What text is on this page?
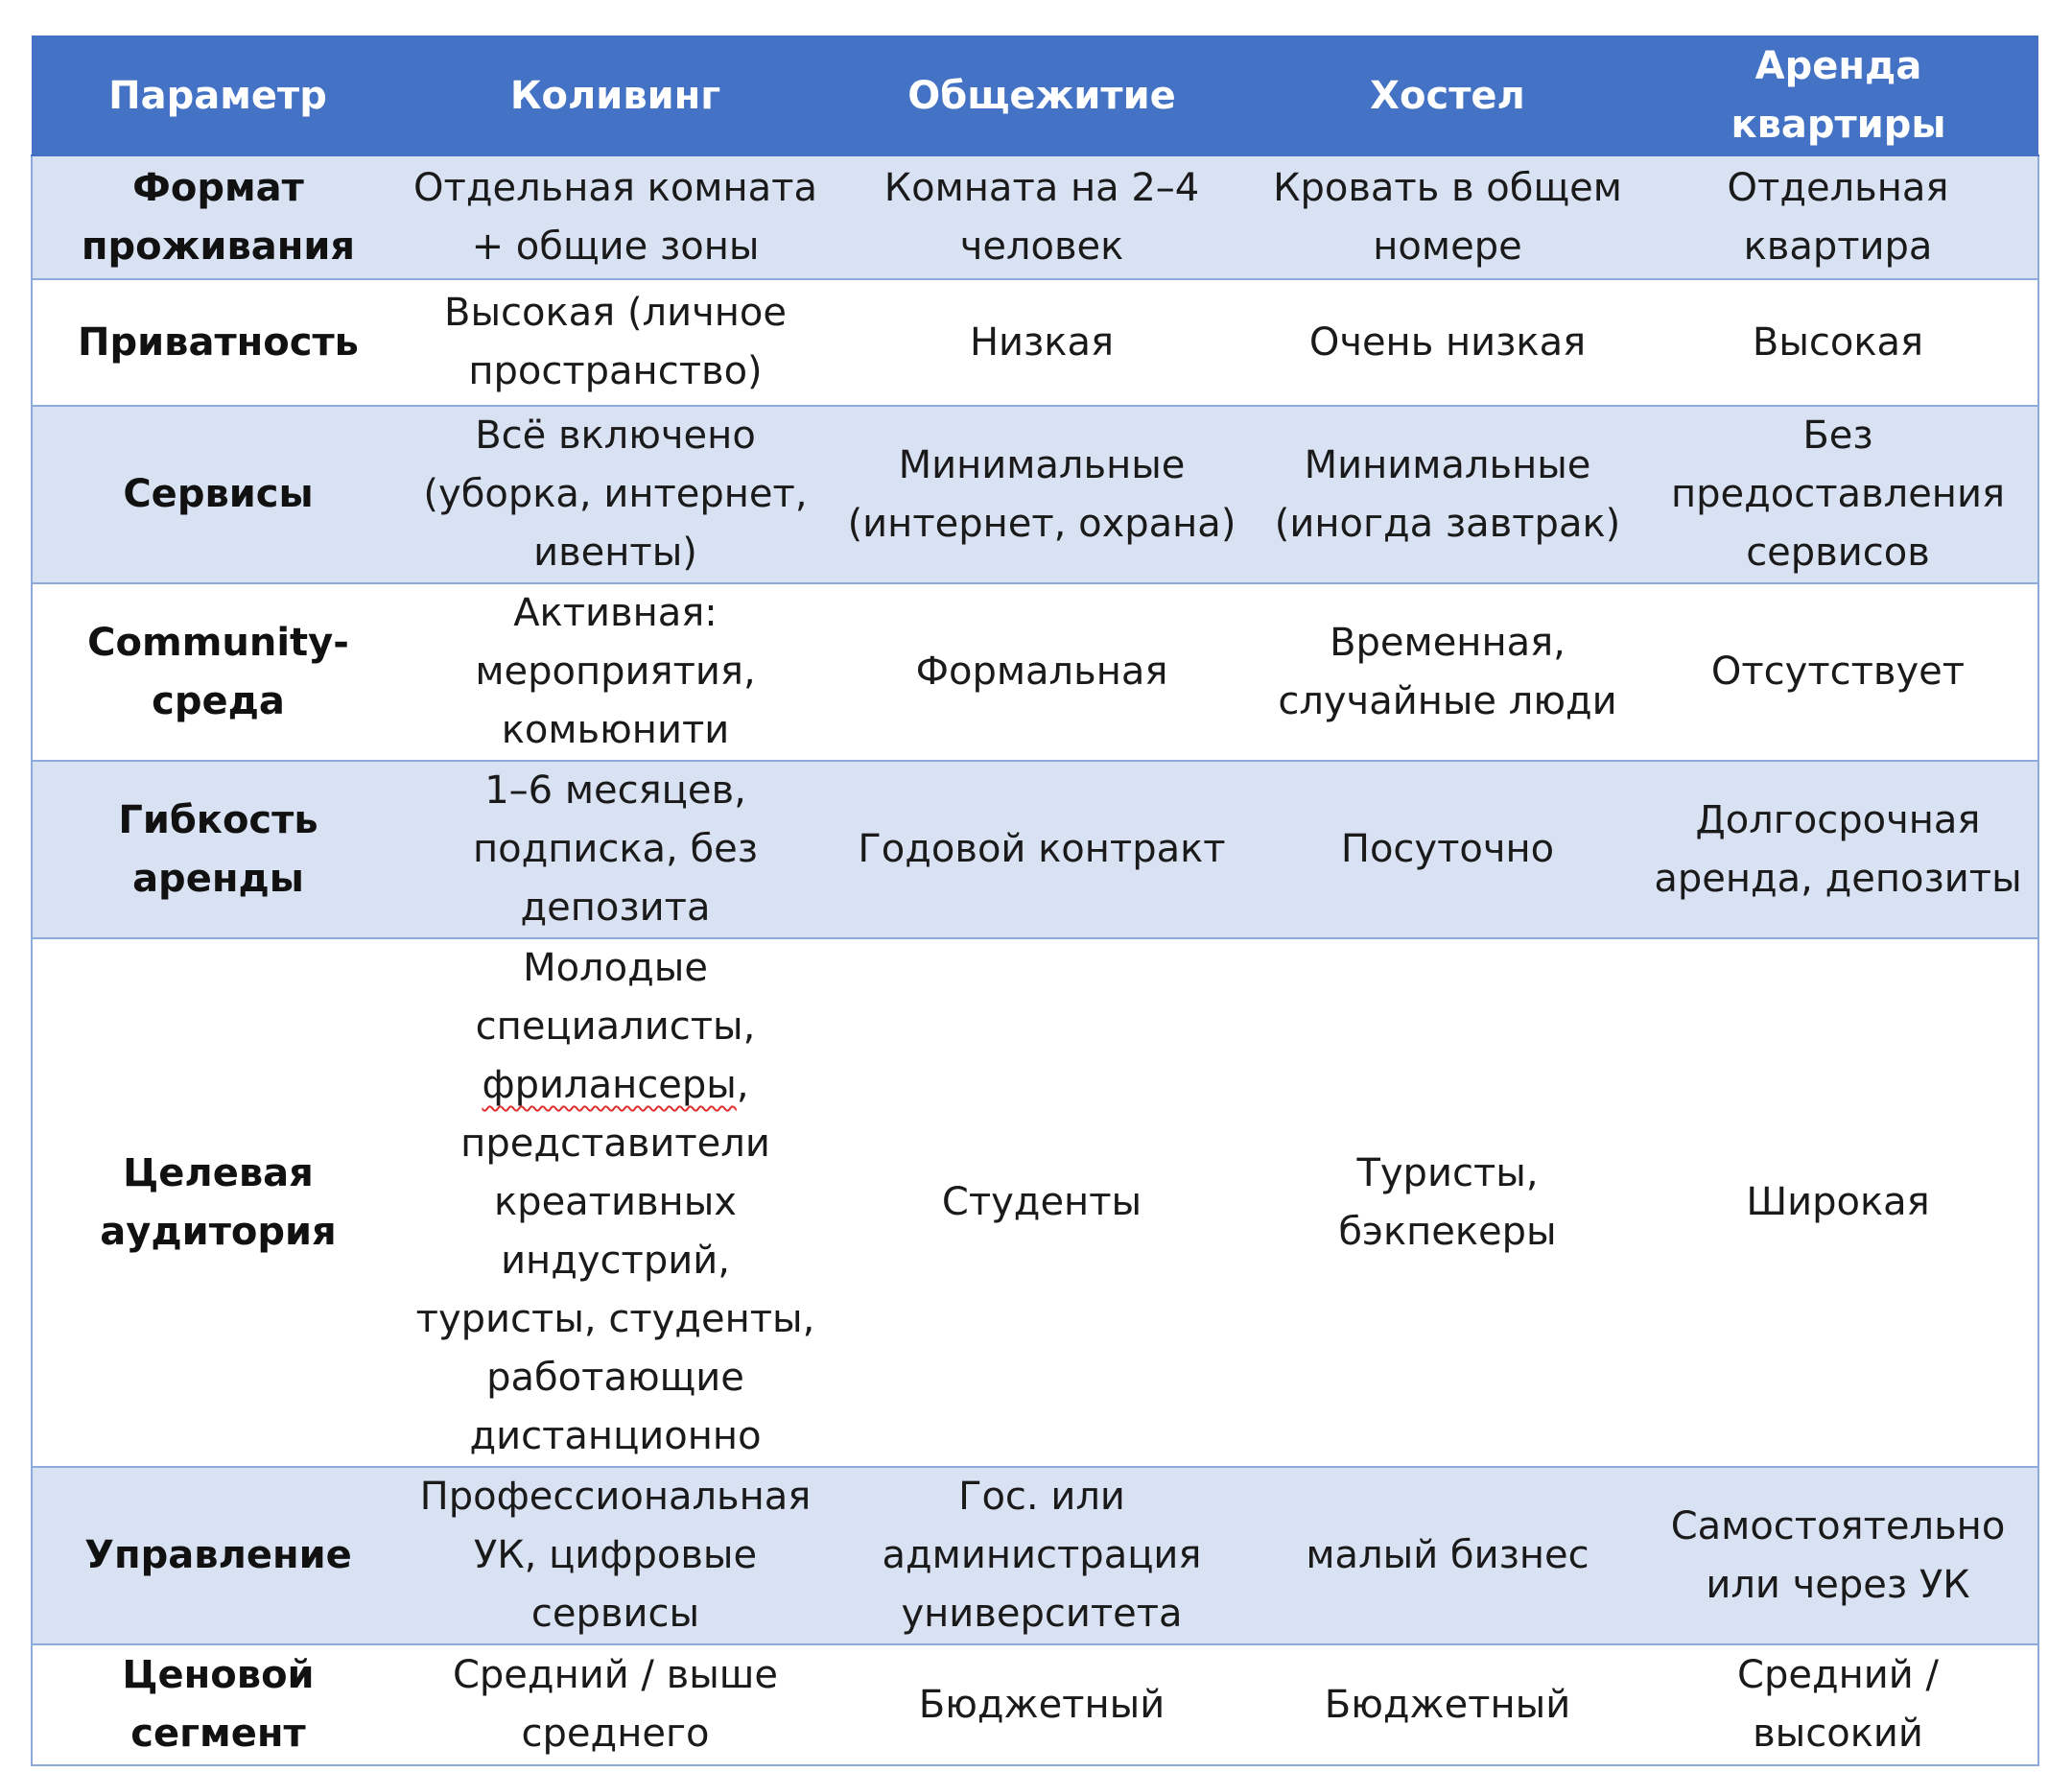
Параметр	Коливинг	Общежитие	Хостел	Аренда квартиры
Формат проживания	Отдельная комната + общие зоны	Комната на 2–4 человек	Кровать в общем номере	Отдельная квартира
Приватность	Высокая (личное пространство)	Низкая	Очень низкая	Высокая
Сервисы	Всё включено (уборка, интернет, ивенты)	Минимальные (интернет, охрана)	Минимальные (иногда завтрак)	Без предоставления сервисов
Community-среда	Активная: мероприятия, комьюнити	Формальная	Временная, случайные люди	Отсутствует
Гибкость аренды	1–6 месяцев, подписка, без депозита	Годовой контракт	Посуточно	Долгосрочная аренда, депозиты
Целевая аудитория	Молодые специалисты, фрилансеры, представители креативных индустрий, туристы, студенты, работающие дистанционно	Студенты	Туристы, бэкпекеры	Широкая
Управление	Профессиональная УК, цифровые сервисы	Гос. или администрация университета	малый бизнес	Самостоятельно или через УК
Ценовой сегмент	Средний / выше среднего	Бюджетный	Бюджетный	Средний / высокий
